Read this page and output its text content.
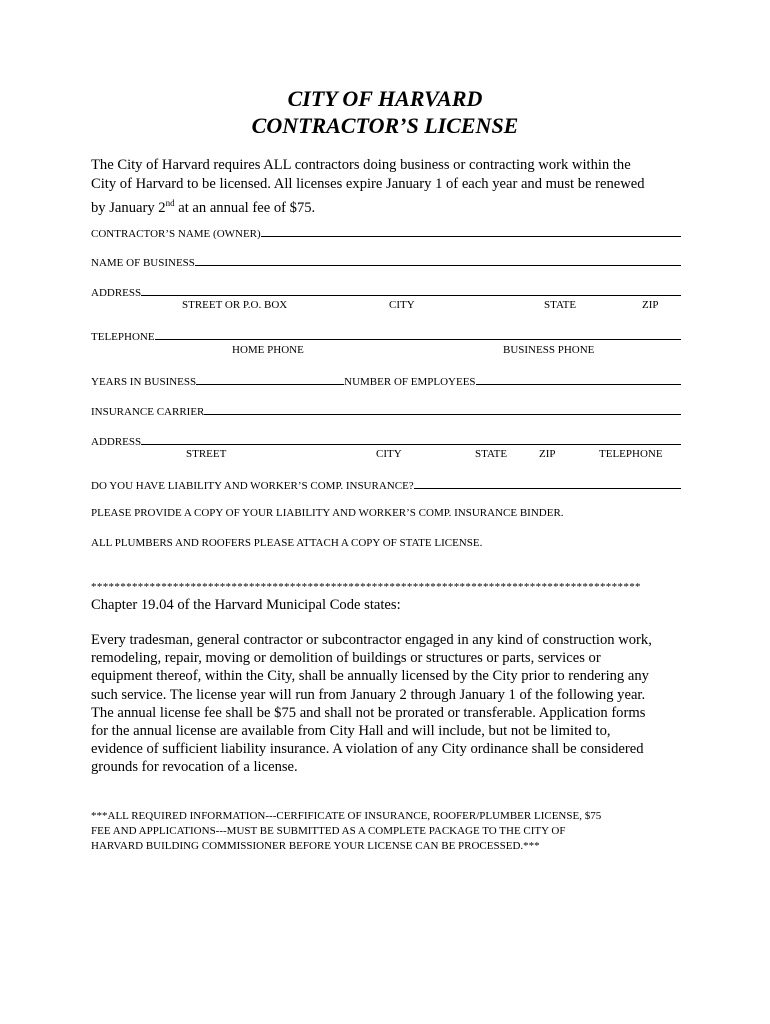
CITY OF HARVARD
CONTRACTOR’S LICENSE
The City of Harvard requires ALL contractors doing business or contracting work within the
City of Harvard to be licensed. All licenses expire January 1 of each year and must be renewed
by January 2nd at an annual fee of $75.
CONTRACTOR’S NAME (OWNER)
NAME OF BUSINESS
ADDRESS
STREET OR P.O. BOX	CITY	STATE	ZIP
TELEPHONE
HOME PHONE	BUSINESS PHONE
YEARS IN BUSINESS	NUMBER OF EMPLOYEES
INSURANCE CARRIER
ADDRESS
STREET	CITY	STATE	ZIP	TELEPHONE
DO YOU HAVE LIABILITY AND WORKER’S COMP. INSURANCE?
PLEASE PROVIDE A COPY OF YOUR LIABILITY AND WORKER’S COMP. INSURANCE BINDER.
ALL PLUMBERS AND ROOFERS PLEASE ATTACH A COPY OF STATE LICENSE.
**********************************************************************************************
Chapter 19.04 of the Harvard Municipal Code states:
Every tradesman, general contractor or subcontractor engaged in any kind of construction work,
remodeling, repair, moving or demolition of buildings or structures or parts, services or
equipment thereof, within the City, shall be annually licensed by the City prior to rendering any
such service. The license year will run from January 2 through January 1 of the following year.
The annual license fee shall be $75 and shall not be prorated or transferable. Application forms
for the annual license are available from City Hall and will include, but not be limited to,
evidence of sufficient liability insurance. A violation of any City ordinance shall be considered
grounds for revocation of a license.
***ALL REQUIRED INFORMATION---CERFIFICATE OF INSURANCE, ROOFER/PLUMBER LICENSE, $75
FEE AND APPLICATIONS---MUST BE SUBMITTED AS A COMPLETE PACKAGE TO THE CITY OF
HARVARD BUILDING COMMISSIONER BEFORE YOUR LICENSE CAN BE PROCESSED.***
